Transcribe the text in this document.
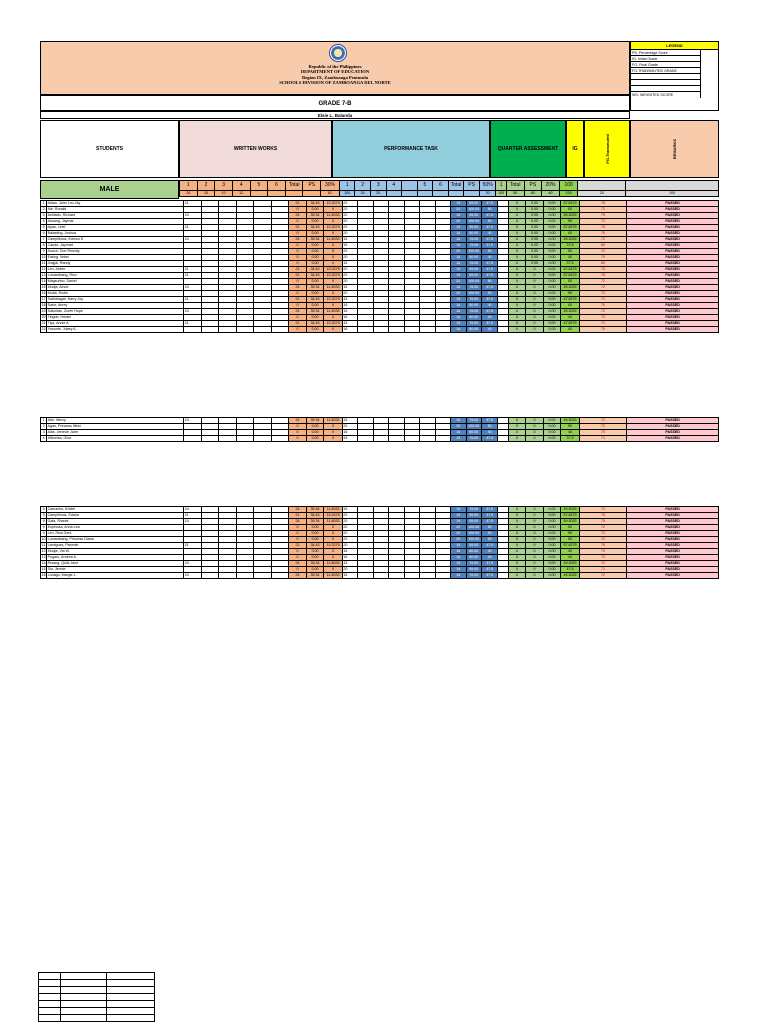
Republic of the Philippines
DEPARTMENT OF EDUCATION
Region IX, Zamboanga Peninsula
SCHOOLS DIVISION OF ZAMBOANGA DEL NORTE
GRADE 7-B
Elsie L. Balanda
LEGEND
PS- Percentage Score
IG- Initial Grade
FG- Final Grade
FG-TRANSMUTED GRADE
WS- WEIGHTED SCORE
STUDENTS	WRITTEN WORKS	PERFORMANCE TASK	QUARTER ASSESSMENT	IG	FG-Transmuted	REMARKS
MALE
1	2	3	4	5	6	Total	PS	30%	1	2	3	4		5	6	Total	PS	50%	1	Total	PS	20%	100		
24	15	10	12					61	100	30	20							20	100	50	60	60	100	20	100
1	Adian, John Lou Jay	21						21	34.43	10.3279	20							19	95.00	47.5		0	0.00	0.00	57.8279	75	PASSED
2	Ale, Ronald							0	0.00	0	20							20	100.00	50		0	0.00	0.00	50	72	PASSED
3	Amilado, Richard	24						24	39.34	11.8033	20							19	95.00	47.5		0	0.00	0.00	59.3033	75	PASSED
4	Ansang, Jaymar							0	0.00	0	20							20	100.00	50		0	0.00	0.00	50	72	PASSED
5	Apas, Lelel	21						21	34.43	10.3279	20							19	95.00	47.5		0	0.00	0.00	57.8279	75	PASSED
6	Balasting, Joshua							0	0.00	0	20							16	80.00	40		0	0.00	0.00	40	70	PASSED
7	Campilimos, Edmon E.	24						24	39.34	11.8033	15							15	75.00	37.5		0	0.00	0.00	49.3033	72	PASSED
8	Carpio, Jaymart							0	0.00	0	15							15	75.00	37.5		0	0.00	0.00	37.5	69	PASSED
9	Dosch, Don Rmeldy							0	0.00	0	20							20	100.00	50		0	0.00	0.00	50	72	PASSED
10	Eating, Vebel							0	0.00	0	20							16	80.00	40		0	0.00	0.00	40	70	PASSED
11	Jhajjal, Randy							0	0.00	0	15							15	75.00	37.5		0	0.00	0.00	37.5	69	PASSED
12	Lim, Jeden	21						21	34.43	10.3279	20							19	95.00	47.5		0	0	0.00	57.8279	75	PASSED
13	Lumanibang, Rico	21						21	34.43	10.3279	20							19	95.00	47.5		0	0	0.00	57.8279	75	PASSED
14	Magsunbo, Daniel							0	0.00	0	20							20	100.00	50		0	0	0.00	50	72	PASSED
15	Mudja, Alnoe	24						24	39.34	11.8033	15							15	75.00	37.5		0	0	0.00	49.3033	72	PASSED
16	Mufta, Rodin							0	0.00	0	20							20	100.00	50		0	0	0.00	50	72	PASSED
17	Salimbagat, Harry Joy	21						21	34.43	10.3279	15							15	75.00	37.5		0	0	0.00	47.8279	71	PASSED
18	Sator, Anrey							0	0.00	0	16							16	80.00	40		0	0	0.00	40	70	PASSED
19	Satumas, Zoren Hope	24						24	39.34	11.8033	15							15	75.00	37.5		0	0	0.00	49.3033	72	PASSED
20	Tingob, Hmael							0	0.00	0	16							16	80.00	40		0	0	0.00	40	70	PASSED
21	Tiya, Annie A.	21						21	34.43	10.3279	15							15	75.00	37.5		0	0	0.00	47.8279	71	PASSED
22	Yanunte, Jdaey A.							0	0.00	0	16							16	80.00	40		0	0	0.00	40	70	PASSED
1	Abe, Mercy	24						24	39.34	11.8033	15							15	75.00	37.5		0	0	0.00	49.3033	72	PASSED
2	Agan, Princess Nikki							0	0.00	0	20							20	100.00	50		0	0	0.00	50	72	PASSED
3	Alas, Jenevie Jane							0	0.00	0	16							16	80.00	40		0	0	0.00	40	70	PASSED
4	Alibonsa, Gina							0	0.00	0	15							15	75.00	37.5		0	0	0.00	37.5	71	PASSED
9	Camacho, Kristel	24						24	39.34	11.8033	15							15	75.00	37.5		0	0	0.00	49.3033	72	PASSED
9	Campilimos, Edana	21						21	34.43	10.3279	20							19	95.00	47.5		0	0	0.00	57.8279	75	PASSED
9	Gala, Shanie	24						24	39.34	11.8033	20							19	95.00	47.5		0	0	0.00	59.3033	75	PASSED
9	Espinosa, Anna Lea							0	0.00	0	20							20	100.00	50		0	0	0.00	50	72	PASSED
9	Lim, Rica Geni							0	0.00	0	20							20	100.00	50		0	0	0.00	50	72	PASSED
10	Lumanibang, Princess Diana							0	0.00	0	20							20	100.00	50		0	0	0.00	50	72	PASSED
11	Lamigues, Pammie	21						21	34.43	10.3279	20							19	95.00	47.5		0	0	0.00	57.8279	75	PASSED
12	Mudja, Via W.							0	0.00	0	16							16	80.00	40		0	0	0.00	40	70	PASSED
13	Pugaro, Andrea A.							0	0.00	0	16							16	80.00	40		0	0	0.00	40	70	PASSED
14	Rrsang, Quiis Jane	24						24	39.34	11.8033	15							15	75.00	37.5		0	0	0.00	49.3033	72	PASSED
15	Sio, Jennie							0	0.00	0	20							19	95.00	47.5		0	0	0.00	47.5	71	PASSED
16	Lunagu, Margie L.	24						24	39.34	11.8033	15							15	75.00	37.5		0	0	0.00	49.3033	72	PASSED
